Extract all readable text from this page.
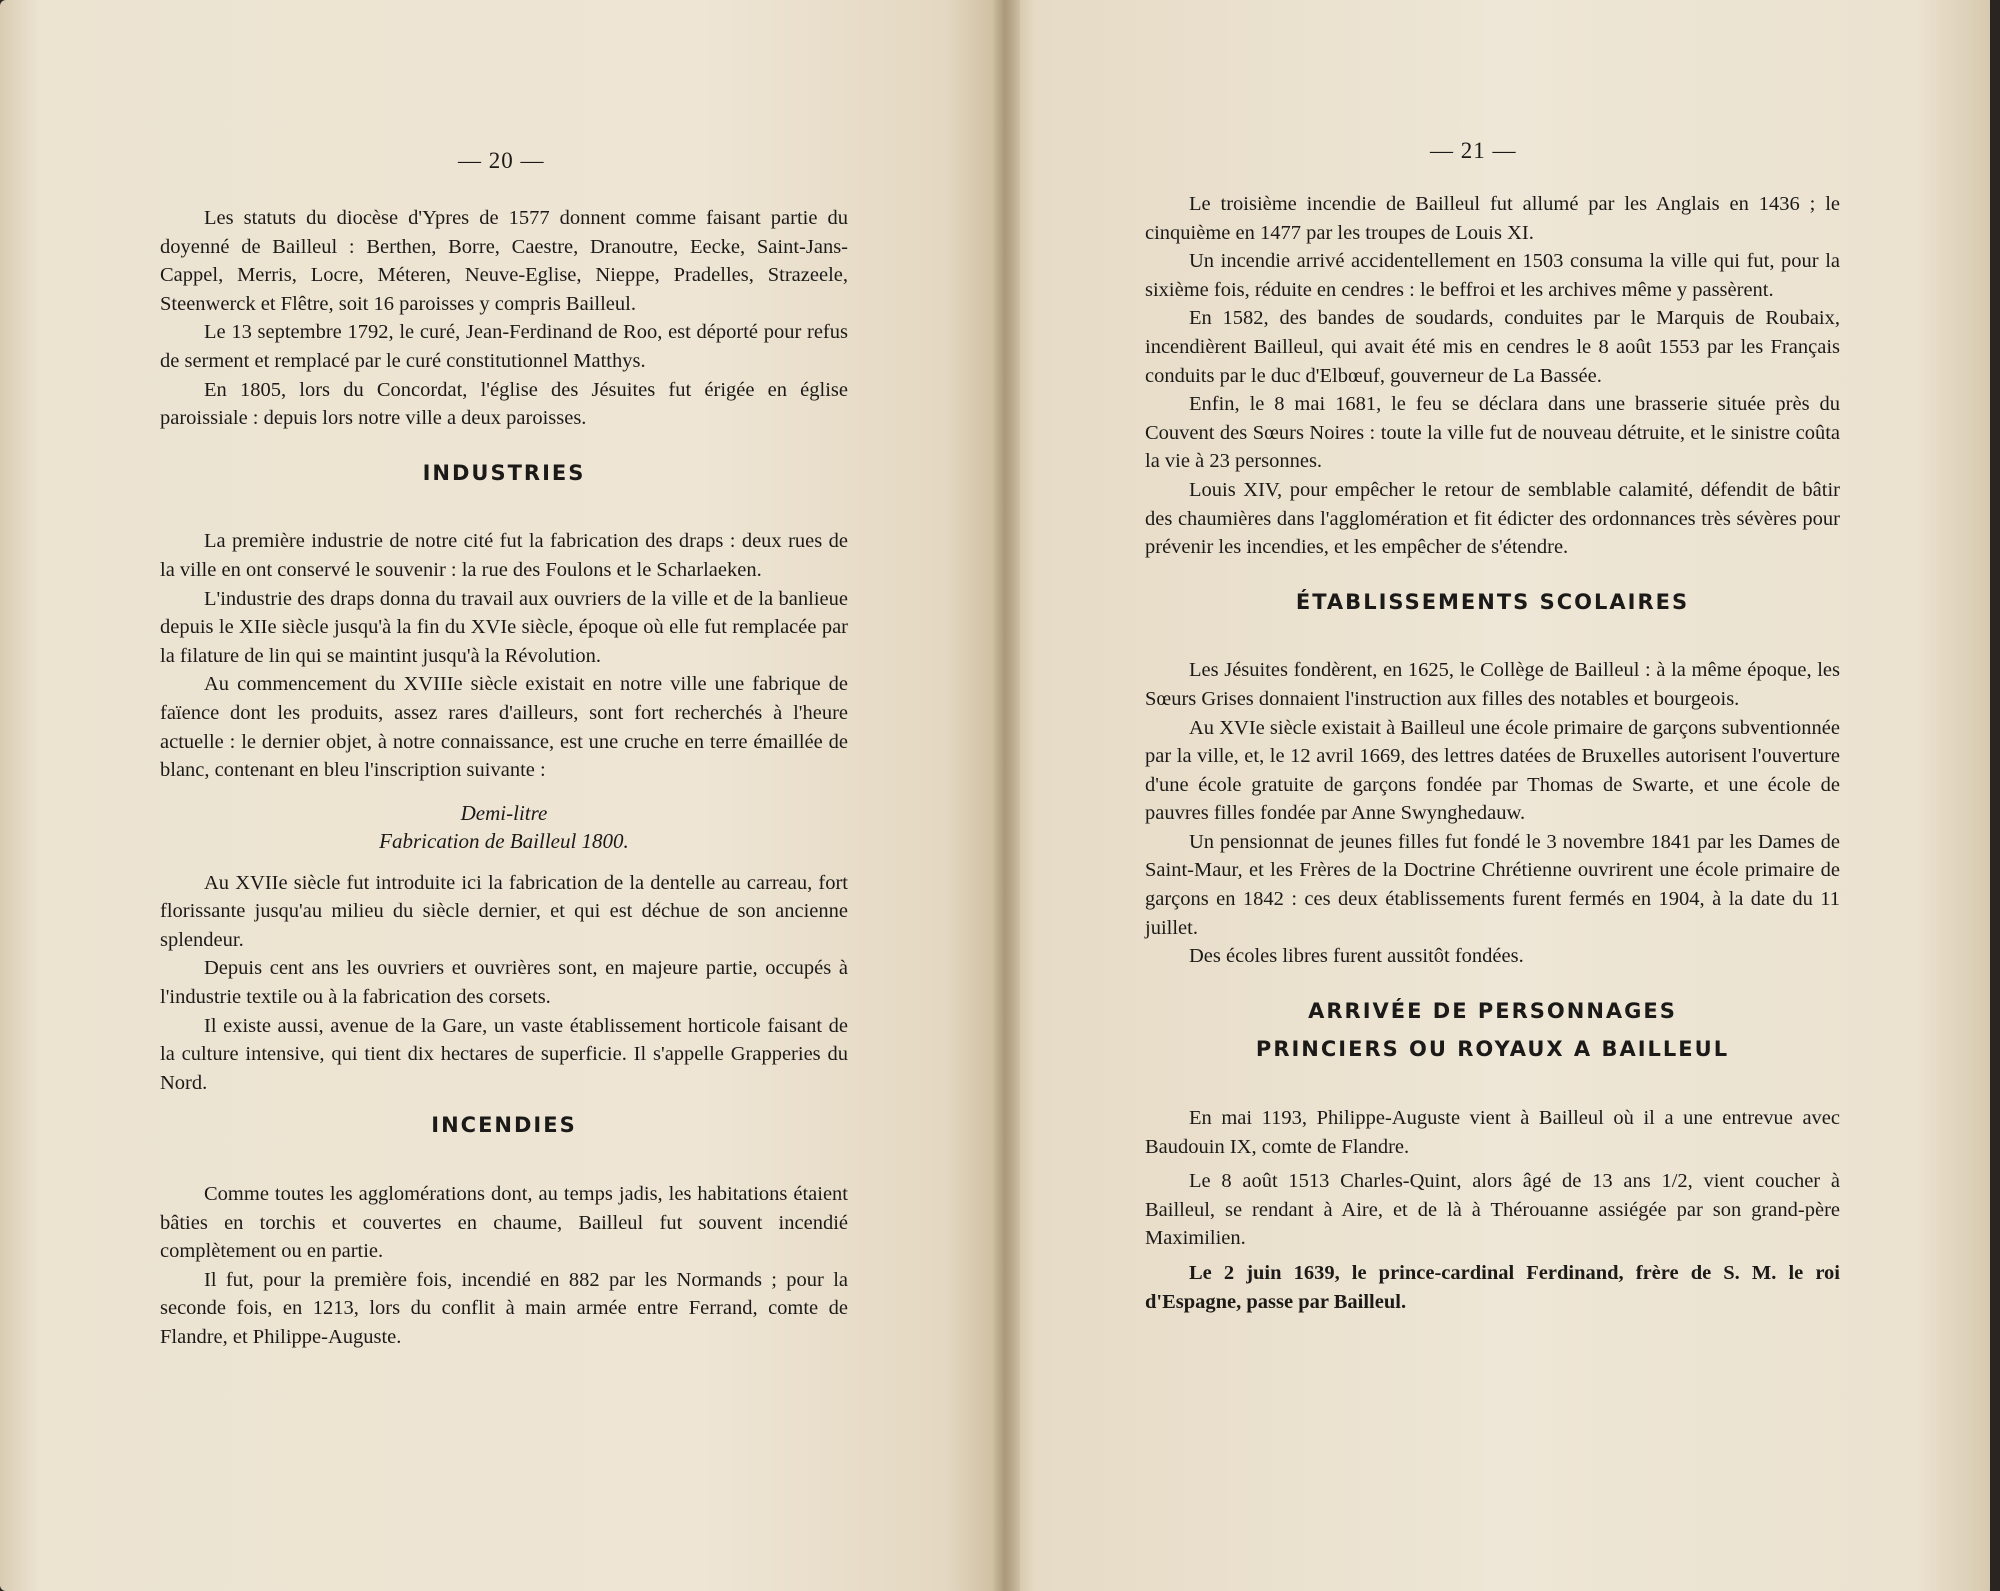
— 20 —

Les statuts du diocèse d'Ypres de 1577 donnent comme faisant partie du doyenné de Bailleul : Berthen, Borre, Caestre, Dranoutre, Eecke, Saint-Jans-Cappel, Merris, Locre, Méteren, Neuve-Eglise, Nieppe, Pradelles, Strazeele, Steenwerck et Flêtre, soit 16 paroisses y compris Bailleul.

Le 13 septembre 1792, le curé, Jean-Ferdinand de Roo, est déporté pour refus de serment et remplacé par le curé constitutionnel Matthys.

En 1805, lors du Concordat, l'église des Jésuites fut érigée en église paroissiale : depuis lors notre ville a deux paroisses.

INDUSTRIES

La première industrie de notre cité fut la fabrication des draps : deux rues de la ville en ont conservé le souvenir : la rue des Foulons et le Scharlaeken.

L'industrie des draps donna du travail aux ouvriers de la ville et de la banlieue depuis le XIIe siècle jusqu'à la fin du XVIe siècle, époque où elle fut remplacée par la filature de lin qui se maintint jusqu'à la Révolution.

Au commencement du XVIIIe siècle existait en notre ville une fabrique de faïence dont les produits, assez rares d'ailleurs, sont fort recherchés à l'heure actuelle : le dernier objet, à notre connaissance, est une cruche en terre émaillée de blanc, contenant en bleu l'inscription suivante :

Demi-litre
Fabrication de Bailleul 1800.

Au XVIIe siècle fut introduite ici la fabrication de la dentelle au carreau, fort florissante jusqu'au milieu du siècle dernier, et qui est déchue de son ancienne splendeur.

Depuis cent ans les ouvriers et ouvrières sont, en majeure partie, occupés à l'industrie textile ou à la fabrication des corsets.

Il existe aussi, avenue de la Gare, un vaste établissement horticole faisant de la culture intensive, qui tient dix hectares de superficie. Il s'appelle Grapperies du Nord.

INCENDIES

Comme toutes les agglomérations dont, au temps jadis, les habitations étaient bâties en torchis et couvertes en chaume, Bailleul fut souvent incendié complètement ou en partie.

Il fut, pour la première fois, incendié en 882 par les Normands ; pour la seconde fois, en 1213, lors du conflit à main armée entre Ferrand, comte de Flandre, et Philippe-Auguste.

— 21 —

Le troisième incendie de Bailleul fut allumé par les Anglais en 1436 ; le cinquième en 1477 par les troupes de Louis XI.

Un incendie arrivé accidentellement en 1503 consuma la ville qui fut, pour la sixième fois, réduite en cendres : le beffroi et les archives même y passèrent.

En 1582, des bandes de soudards, conduites par le Marquis de Roubaix, incendièrent Bailleul, qui avait été mis en cendres le 8 août 1553 par les Français conduits par le duc d'Elbœuf, gouverneur de La Bassée.

Enfin, le 8 mai 1681, le feu se déclara dans une brasserie située près du Couvent des Sœurs Noires : toute la ville fut de nouveau détruite, et le sinistre coûta la vie à 23 personnes.

Louis XIV, pour empêcher le retour de semblable calamité, défendit de bâtir des chaumières dans l'agglomération et fit édicter des ordonnances très sévères pour prévenir les incendies, et les empêcher de s'étendre.

ÉTABLISSEMENTS SCOLAIRES

Les Jésuites fondèrent, en 1625, le Collège de Bailleul : à la même époque, les Sœurs Grises donnaient l'instruction aux filles des notables et bourgeois.

Au XVIe siècle existait à Bailleul une école primaire de garçons subventionnée par la ville, et, le 12 avril 1669, des lettres datées de Bruxelles autorisent l'ouverture d'une école gratuite de garçons fondée par Thomas de Swarte, et une école de pauvres filles fondée par Anne Swynghedauw.

Un pensionnat de jeunes filles fut fondé le 3 novembre 1841 par les Dames de Saint-Maur, et les Frères de la Doctrine Chrétienne ouvrirent une école primaire de garçons en 1842 : ces deux établissements furent fermés en 1904, à la date du 11 juillet.

Des écoles libres furent aussitôt fondées.

ARRIVÉE DE PERSONNAGES
PRINCIERS OU ROYAUX A BAILLEUL

En mai 1193, Philippe-Auguste vient à Bailleul où il a une entrevue avec Baudouin IX, comte de Flandre.

Le 8 août 1513 Charles-Quint, alors âgé de 13 ans 1/2, vient coucher à Bailleul, se rendant à Aire, et de là à Thérouanne assiégée par son grand-père Maximilien.

Le 2 juin 1639, le prince-cardinal Ferdinand, frère de S. M. le roi d'Espagne, passe par Bailleul.
